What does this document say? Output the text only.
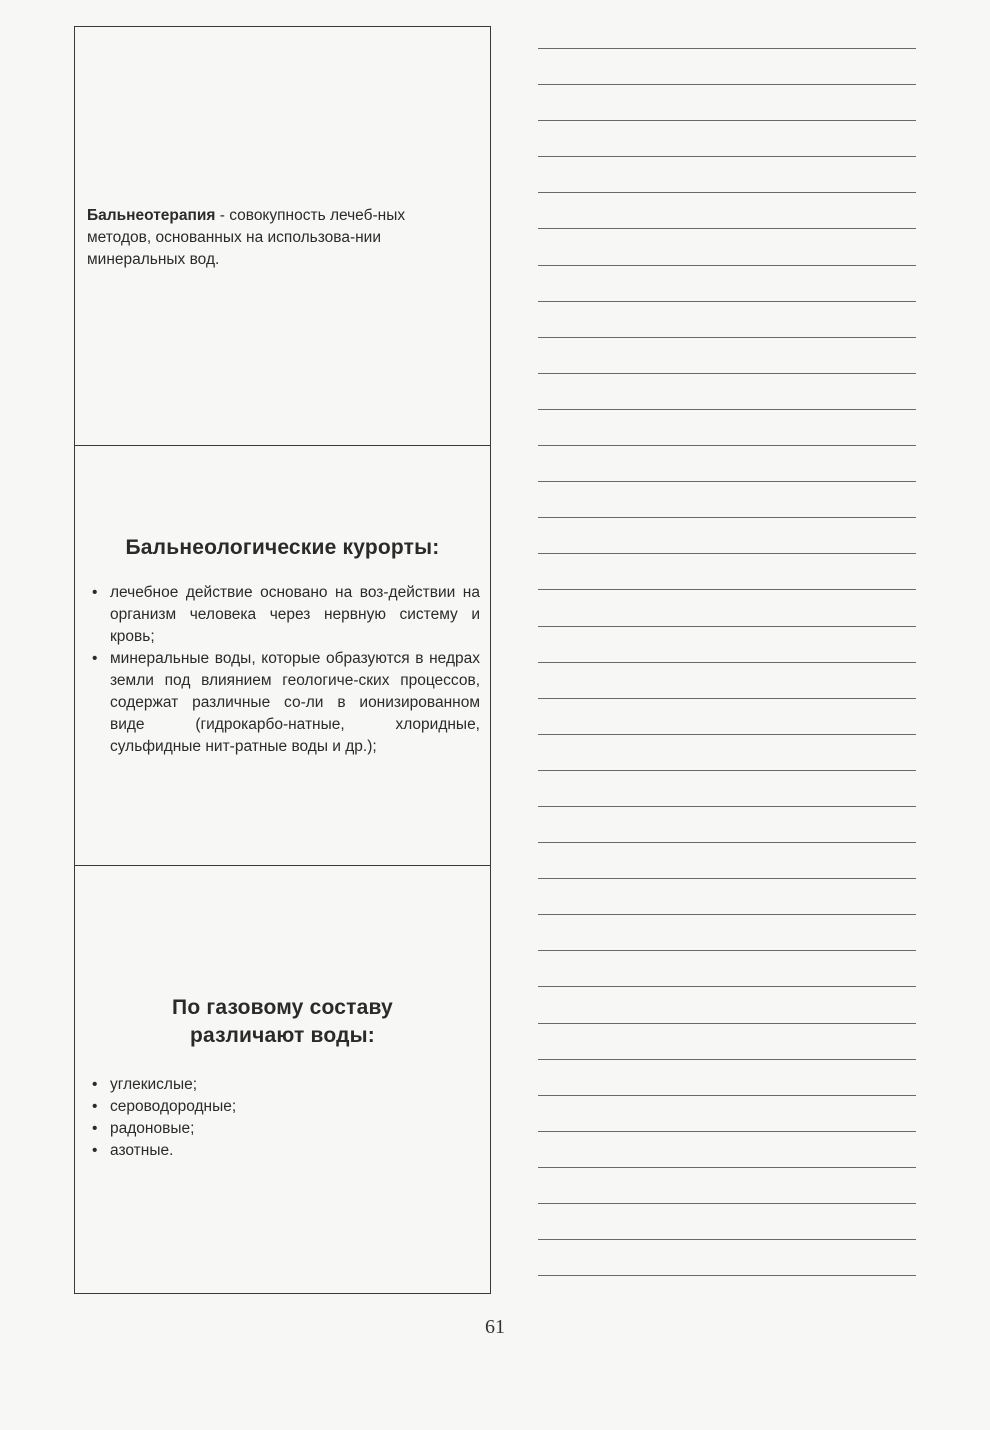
Бальнеотерапия - совокупность лечеб-ных методов, основанных на использова-нии минеральных вод.
Бальнеологические курорты:
• лечебное действие основано на воз-действии на организм человека через нервную систему и кровь;
• минеральные воды, которые образуются в недрах земли под влиянием геологиче-ских процессов, содержат различные со-ли в ионизированном виде (гидрокарбо-натные, хлоридные, сульфидные нит-ратные воды и др.);
По газовому составу
различают воды:
• углекислые;
• сероводородные;
• радоновые;
• азотные.
61
